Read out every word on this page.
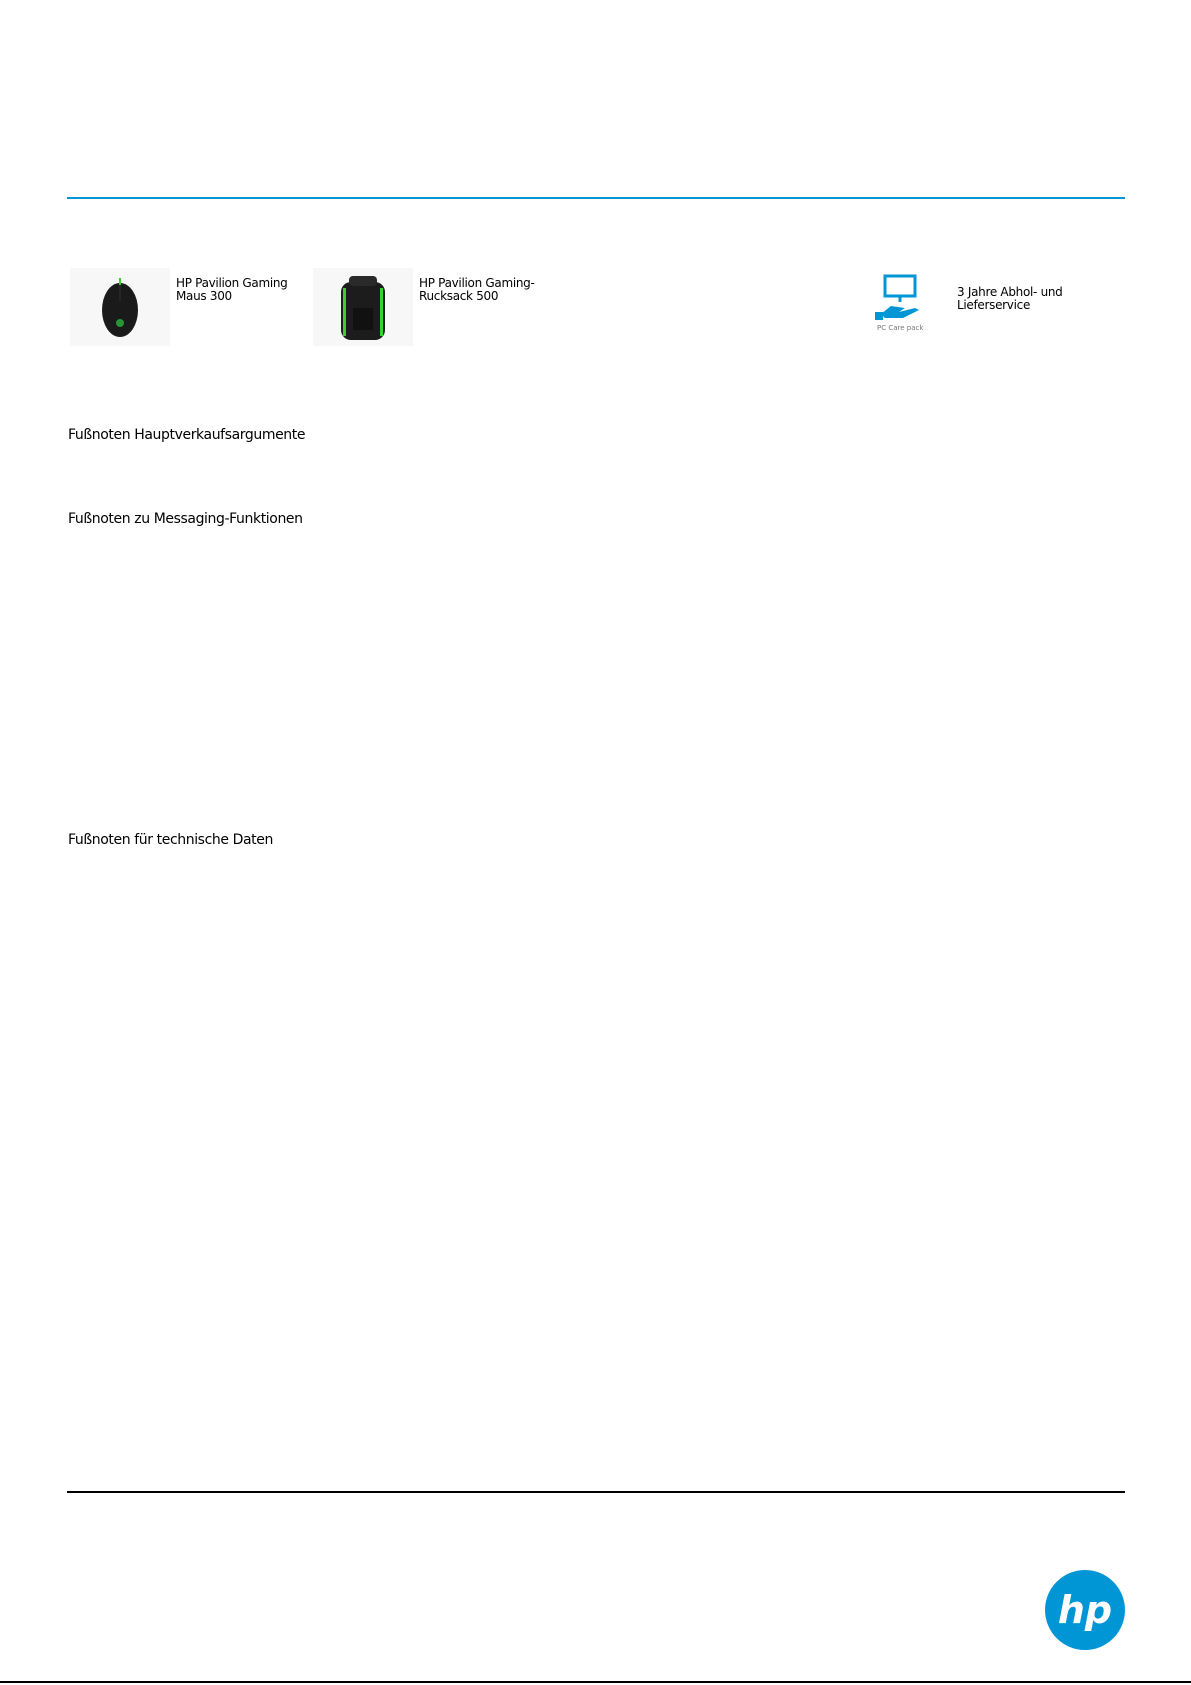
HP Pavilion Gaming Maus 300
HP Pavilion Gaming-Rucksack 500
PC Care pack
3 Jahre Abhol- und Lieferservice
Fußnoten Hauptverkaufsargumente
Fußnoten zu Messaging-Funktionen
Fußnoten für technische Daten
hp
